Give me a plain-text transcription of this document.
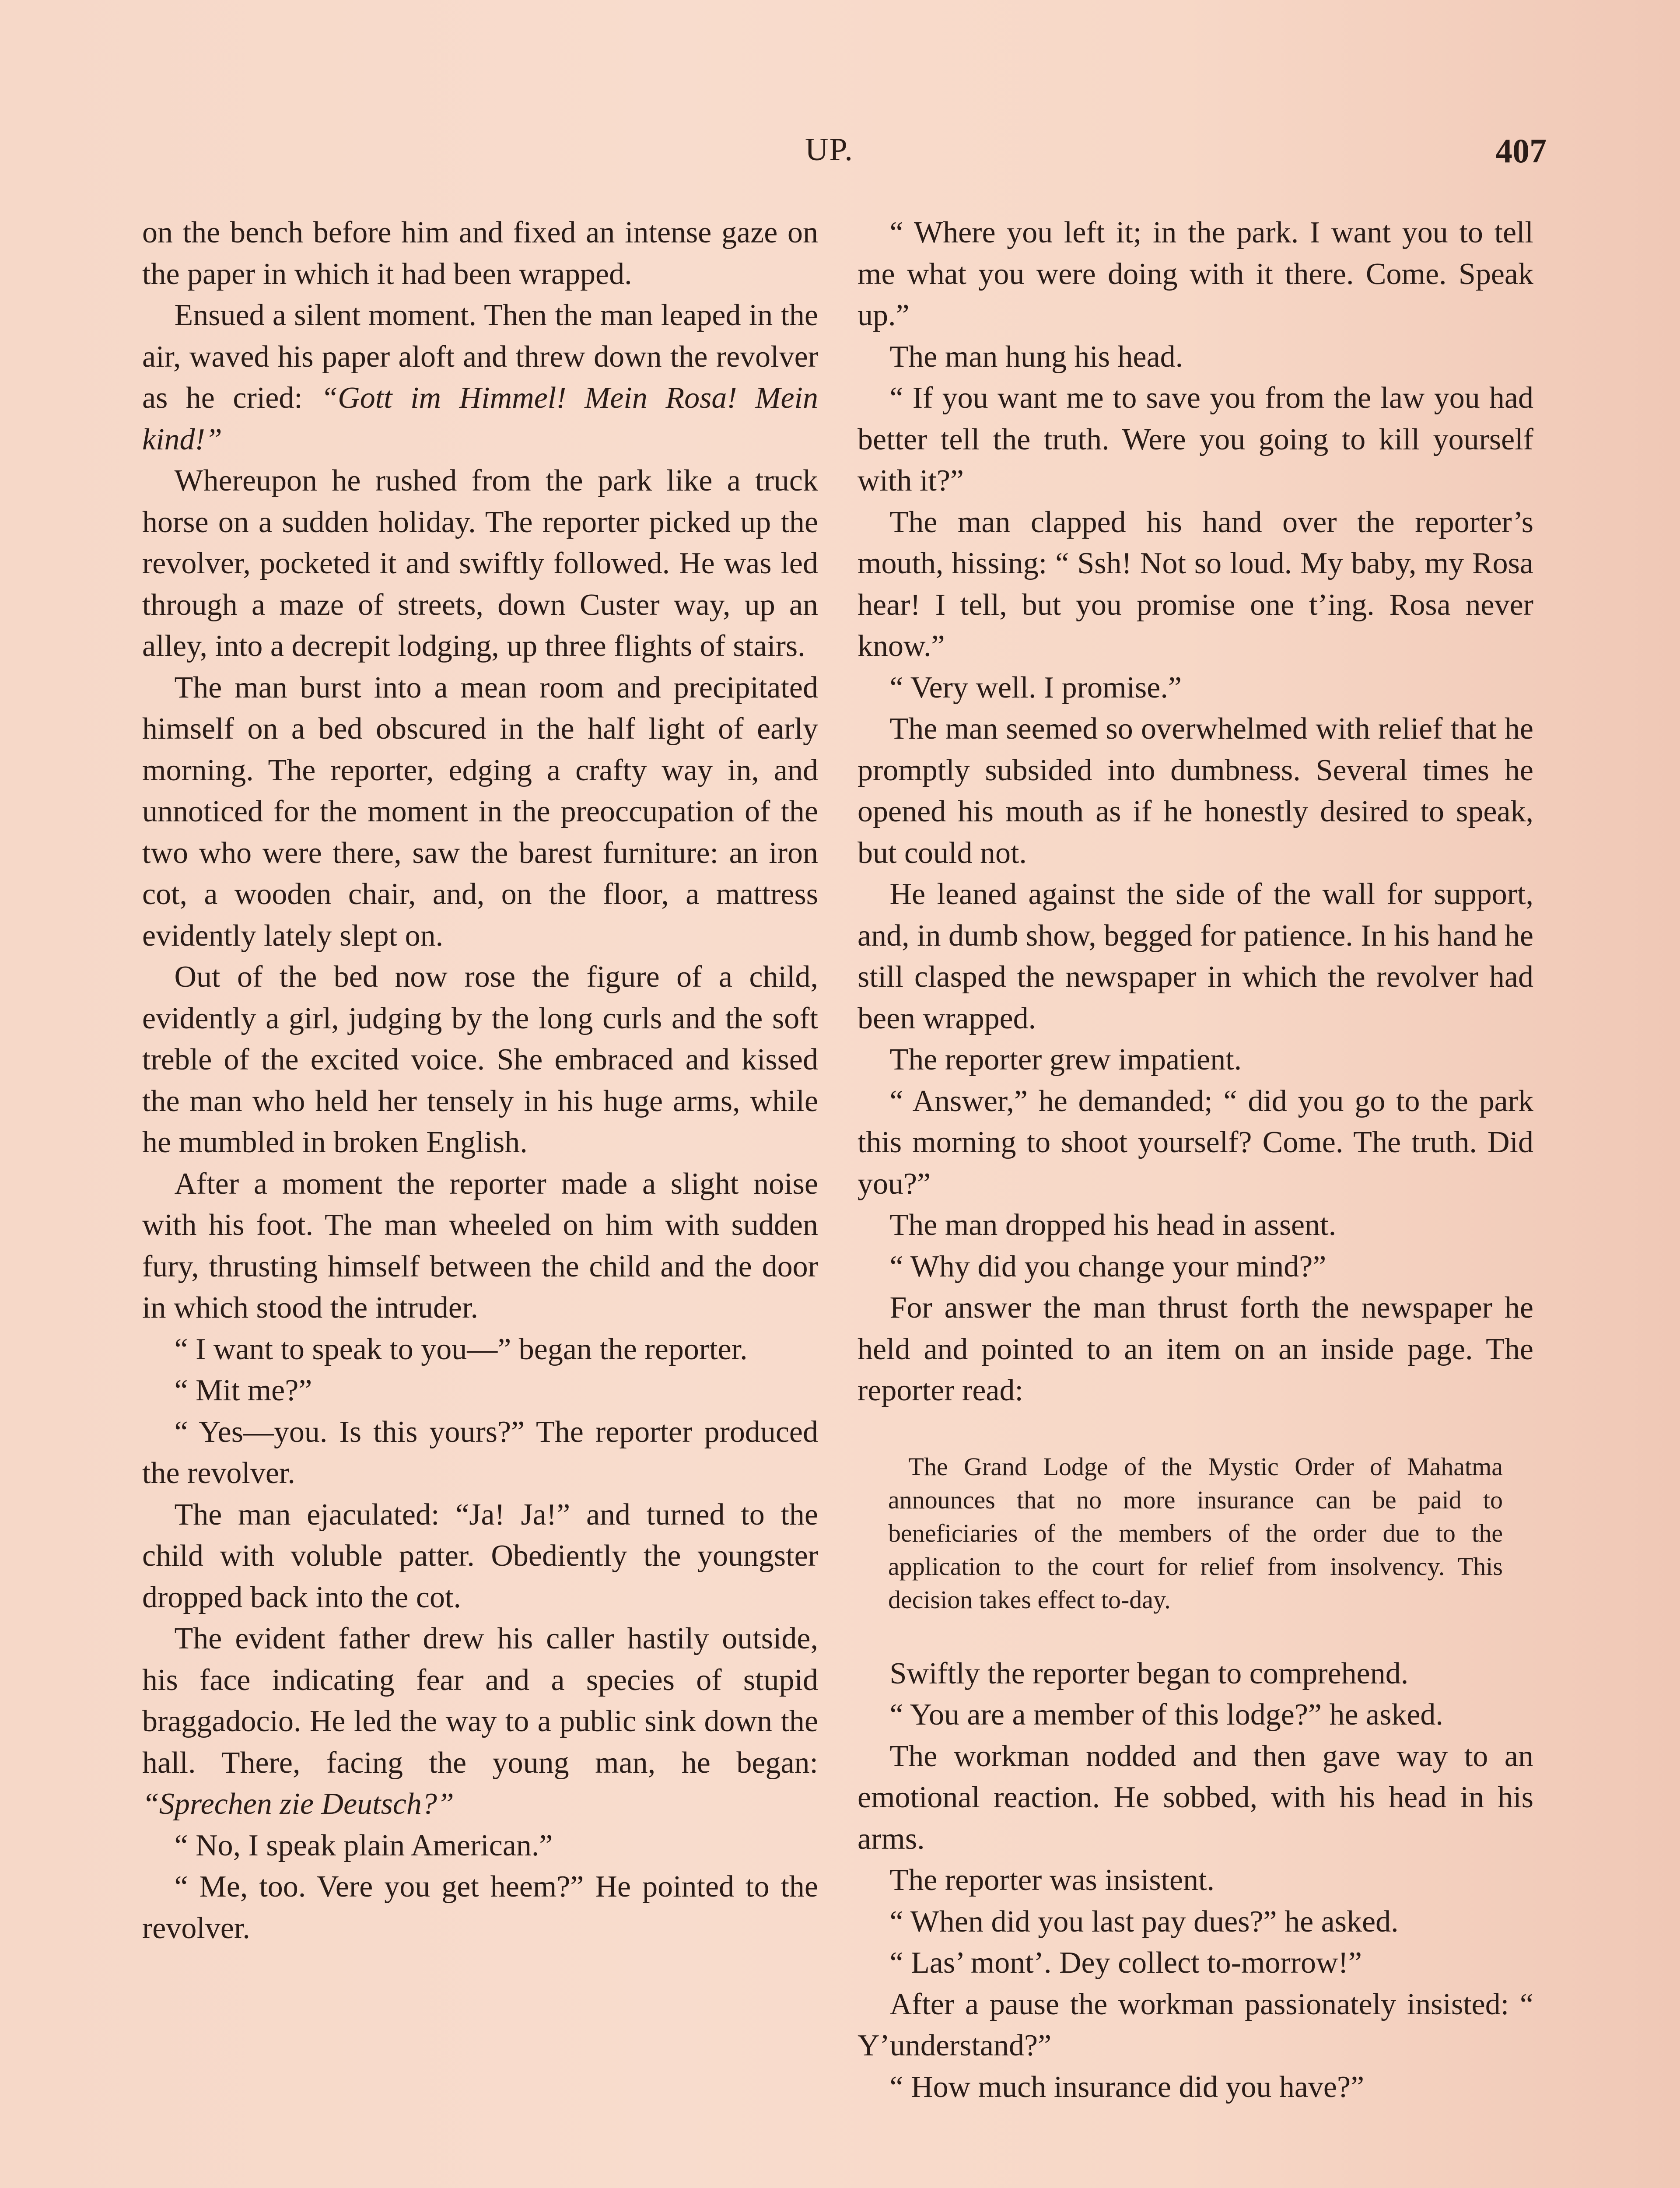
UP.	407

on the bench before him and fixed an intense gaze on the paper in which it had been wrapped.

Ensued a silent moment. Then the man leaped in the air, waved his paper aloft and threw down the revolver as he cried: “Gott im Himmel! Mein Rosa! Mein kind!”

Whereupon he rushed from the park like a truck horse on a sudden holiday. The reporter picked up the revolver, pocketed it and swiftly followed. He was led through a maze of streets, down Custer way, up an alley, into a decrepit lodging, up three flights of stairs.

The man burst into a mean room and precipitated himself on a bed obscured in the half light of early morning. The reporter, edging a crafty way in, and unnoticed for the moment in the preoccupation of the two who were there, saw the barest furniture: an iron cot, a wooden chair, and, on the floor, a mattress evidently lately slept on.

Out of the bed now rose the figure of a child, evidently a girl, judging by the long curls and the soft treble of the excited voice. She embraced and kissed the man who held her tensely in his huge arms, while he mumbled in broken English.

After a moment the reporter made a slight noise with his foot. The man wheeled on him with sudden fury, thrusting himself between the child and the door in which stood the intruder.

“ I want to speak to you—” began the reporter.

“ Mit me?”

“ Yes—you. Is this yours?” The reporter produced the revolver.

The man ejaculated: “Ja! Ja!” and turned to the child with voluble patter. Obediently the youngster dropped back into the cot.

The evident father drew his caller hastily outside, his face indicating fear and a species of stupid braggadocio. He led the way to a public sink down the hall. There, facing the young man, he began: “Sprechen zie Deutsch?”

“ No, I speak plain American.”

“ Me, too. Vere you get heem?” He pointed to the revolver.

“ Where you left it; in the park. I want you to tell me what you were doing with it there. Come. Speak up.”

The man hung his head.

“ If you want me to save you from the law you had better tell the truth. Were you going to kill yourself with it?”

The man clapped his hand over the reporter’s mouth, hissing: “ Ssh! Not so loud. My baby, my Rosa hear! I tell, but you promise one t’ing. Rosa never know.”

“ Very well. I promise.”

The man seemed so overwhelmed with relief that he promptly subsided into dumbness. Several times he opened his mouth as if he honestly desired to speak, but could not.

He leaned against the side of the wall for support, and, in dumb show, begged for patience. In his hand he still clasped the newspaper in which the revolver had been wrapped.

The reporter grew impatient.

“ Answer,” he demanded; “ did you go to the park this morning to shoot yourself? Come. The truth. Did you?”

The man dropped his head in assent.

“ Why did you change your mind?”

For answer the man thrust forth the newspaper he held and pointed to an item on an inside page. The reporter read:

The Grand Lodge of the Mystic Order of Mahatma announces that no more insurance can be paid to beneficiaries of the members of the order due to the application to the court for relief from insolvency. This decision takes effect to-day.

Swiftly the reporter began to comprehend.

“ You are a member of this lodge?” he asked.

The workman nodded and then gave way to an emotional reaction. He sobbed, with his head in his arms.

The reporter was insistent.

“ When did you last pay dues?” he asked.

“ Las’ mont’. Dey collect to-morrow!”

After a pause the workman passionately insisted: “ Y’understand?”

“ How much insurance did you have?”
